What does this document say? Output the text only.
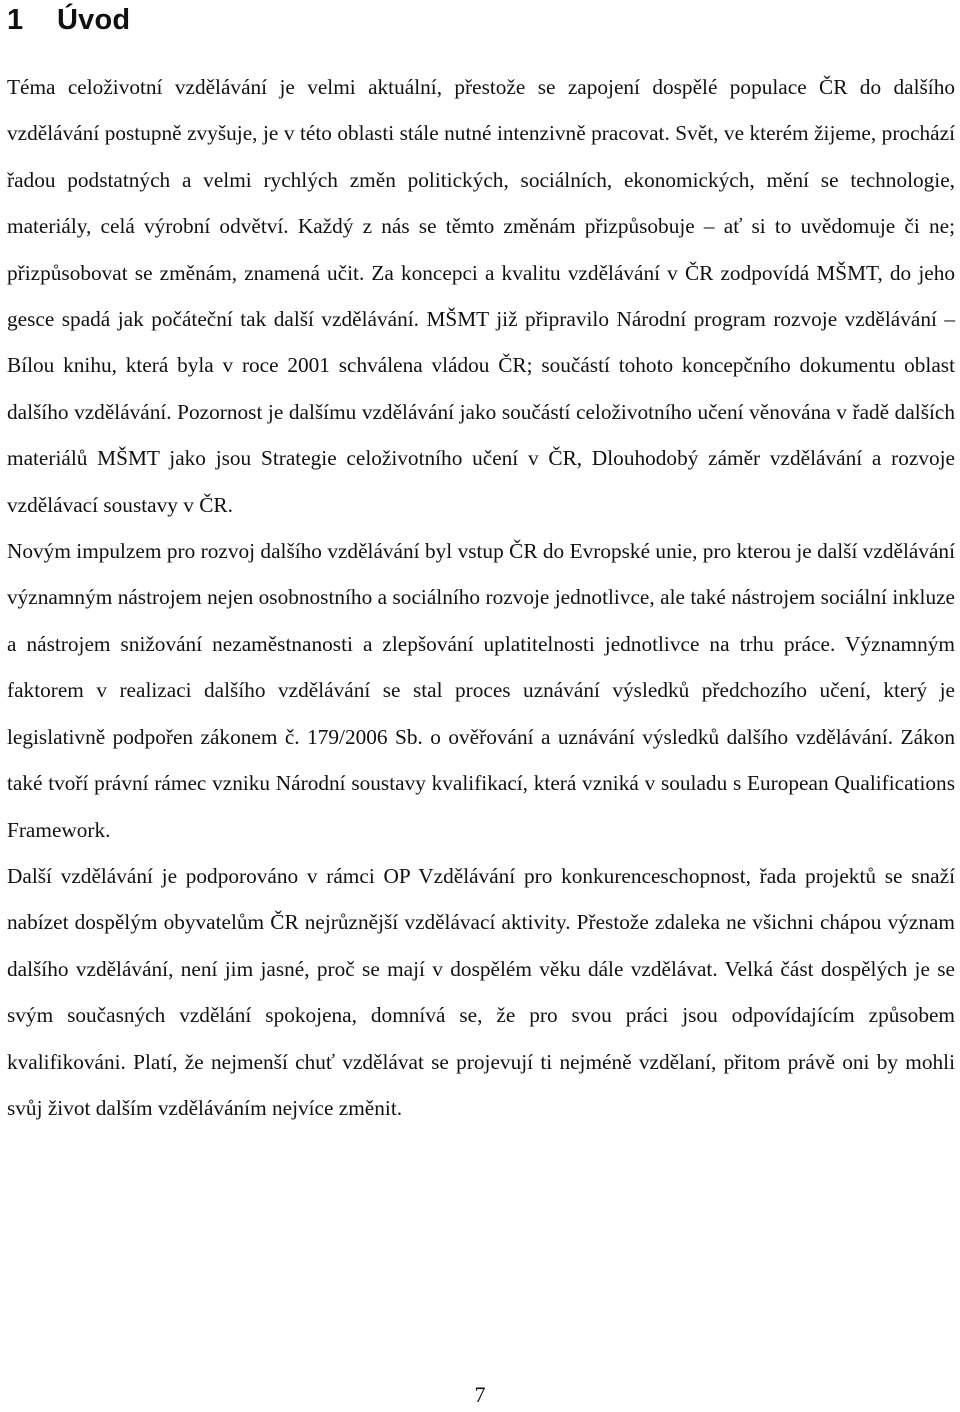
1 Úvod

Téma celoživotní vzdělávání je velmi aktuální, přestože se zapojení dospělé populace ČR do dalšího vzdělávání postupně zvyšuje, je v této oblasti stále nutné intenzivně pracovat. Svět, ve kterém žijeme, prochází řadou podstatných a velmi rychlých změn politických, sociálních, ekonomických, mění se technologie, materiály, celá výrobní odvětví. Každý z nás se těmto změnám přizpůsobuje – ať si to uvědomuje či ne; přizpůsobovat se změnám, znamená učit. Za koncepci a kvalitu vzdělávání v ČR zodpovídá MŠMT, do jeho gesce spadá jak počáteční tak další vzdělávání. MŠMT již připravilo Národní program rozvoje vzdělávání – Bílou knihu, která byla v roce 2001 schválena vládou ČR; součástí tohoto koncepčního dokumentu oblast dalšího vzdělávání. Pozornost je dalšímu vzdělávání jako součástí celoživotního učení věnována v řadě dalších materiálů MŠMT jako jsou Strategie celoživotního učení v ČR, Dlouhodobý záměr vzdělávání a rozvoje vzdělávací soustavy v ČR.

Novým impulzem pro rozvoj dalšího vzdělávání byl vstup ČR do Evropské unie, pro kterou je další vzdělávání významným nástrojem nejen osobnostního a sociálního rozvoje jednotlivce, ale také nástrojem sociální inkluze a nástrojem snižování nezaměstnanosti a zlepšování uplatitelnosti jednotlivce na trhu práce. Významným faktorem v realizaci dalšího vzdělávání se stal proces uznávání výsledků předchozího učení, který je legislativně podpořen zákonem č. 179/2006 Sb. o ověřování a uznávání výsledků dalšího vzdělávání. Zákon také tvoří právní rámec vzniku Národní soustavy kvalifikací, která vzniká v souladu s European Qualifications Framework.

Další vzdělávání je podporováno v rámci OP Vzdělávání pro konkurenceschopnost, řada projektů se snaží nabízet dospělým obyvatelům ČR nejrůznější vzdělávací aktivity. Přestože zdaleka ne všichni chápou význam dalšího vzdělávání, není jim jasné, proč se mají v dospělém věku dále vzdělávat. Velká část dospělých je se svým současných vzdělání spokojena, domnívá se, že pro svou práci jsou odpovídajícím způsobem kvalifikováni. Platí, že nejmenší chuť vzdělávat se projevují ti nejméně vzdělaní, přitom právě oni by mohli svůj život dalším vzděláváním nejvíce změnit.

7
